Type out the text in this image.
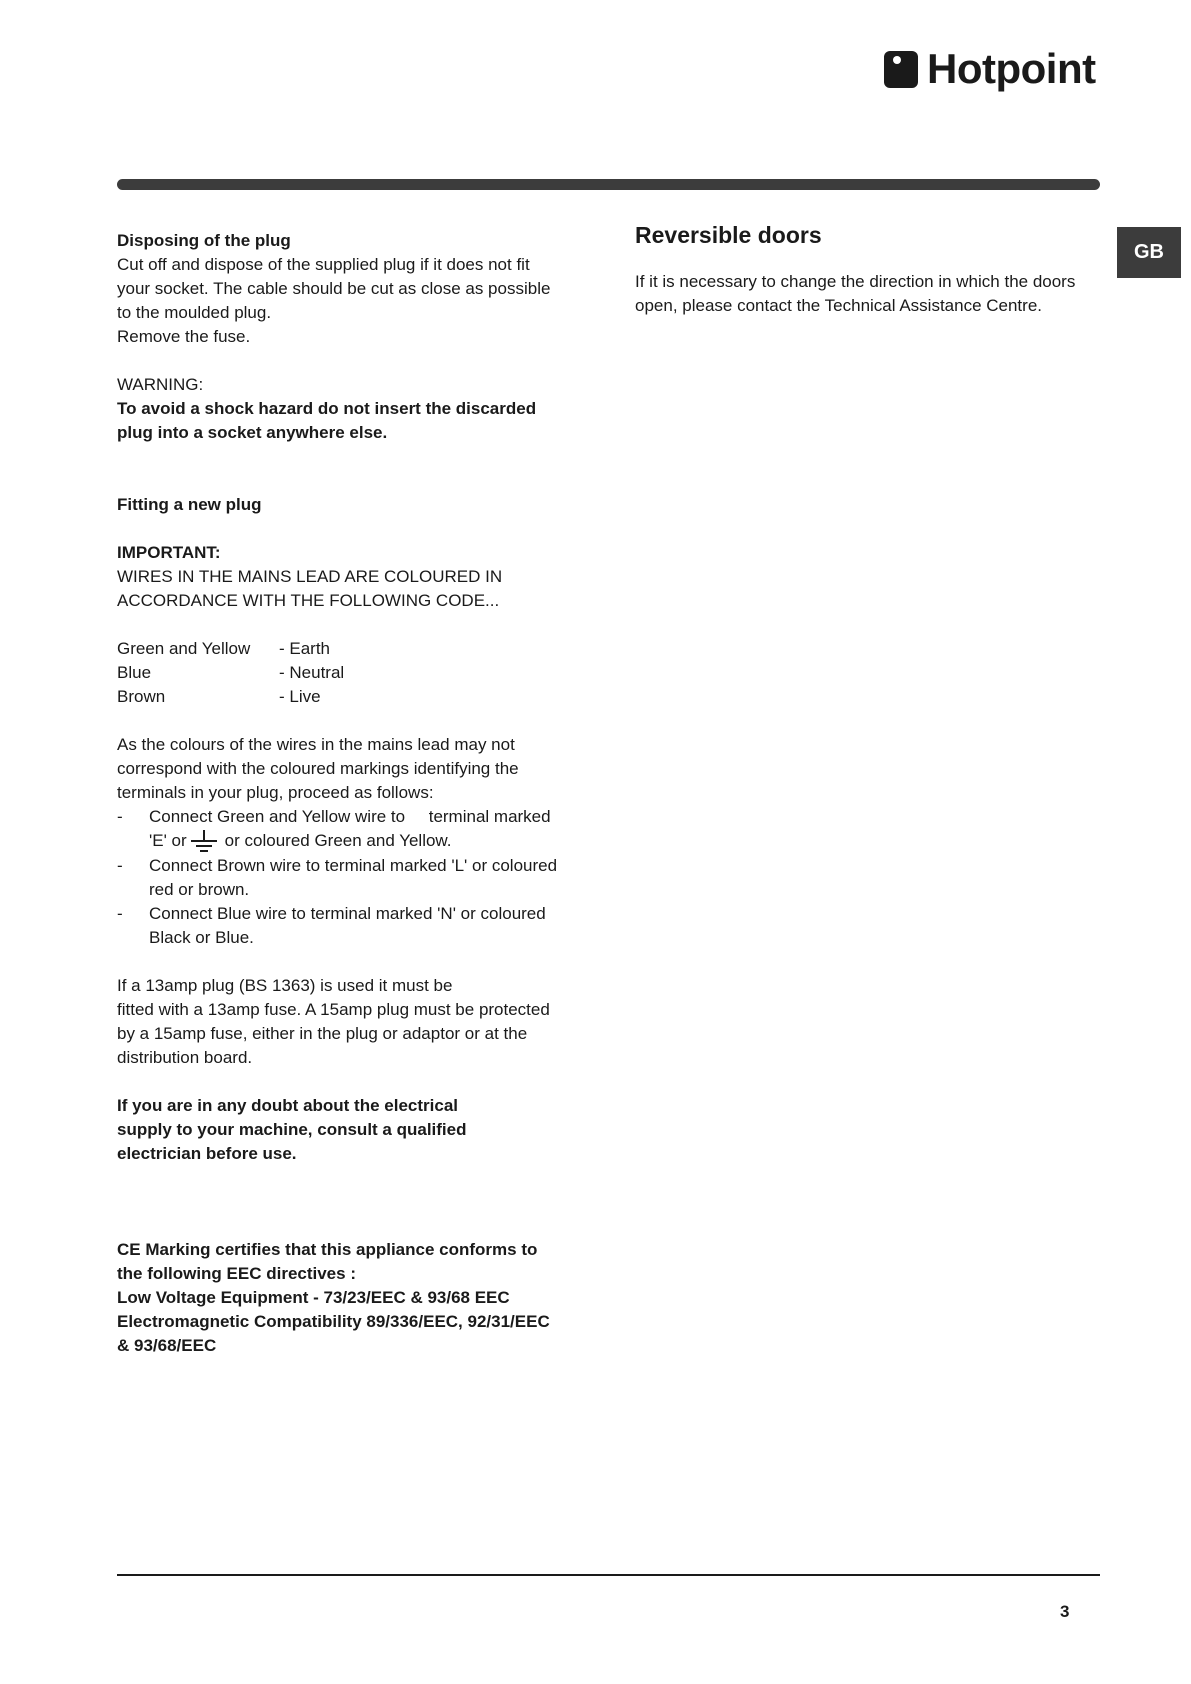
Hotpoint
GB

Disposing of the plug

Cut off and dispose of the supplied plug if it does not fit

your socket. The cable should be cut as close as possible

to the moulded plug.

Remove the fuse.

WARNING:

To avoid a shock hazard do not insert the discarded

plug into a socket anywhere else.

Fitting a new plug

IMPORTANT:

WIRES IN THE MAINS LEAD ARE COLOURED IN

ACCORDANCE WITH THE FOLLOWING CODE...

Green and Yellow	- Earth
Blue	- Neutral
Brown	- Live

As the colours of the wires in the mains lead may not

correspond with the coloured markings identifying the

terminals in your plug, proceed as follows:

-	Connect Green and Yellow wire to     terminal marked

'E' or or coloured Green and Yellow.

-	Connect Brown wire to terminal marked 'L' or coloured

red or brown.

-	Connect Blue wire to terminal marked 'N' or coloured

Black or Blue.

If a 13amp plug (BS 1363) is used it must be

fitted with a 13amp fuse. A 15amp plug must be protected

by a 15amp fuse, either in the plug or adaptor or at the

distribution board.

If you are in any doubt about the electrical

supply to your machine, consult a qualified

electrician before use.

CE Marking certifies that this appliance conforms to

the following EEC directives :

Low Voltage Equipment - 73/23/EEC & 93/68 EEC

Electromagnetic Compatibility 89/336/EEC, 92/31/EEC

& 93/68/EEC

Reversible doors

If it is necessary to change the direction in which the doors

open, please contact the Technical Assistance Centre.

3
